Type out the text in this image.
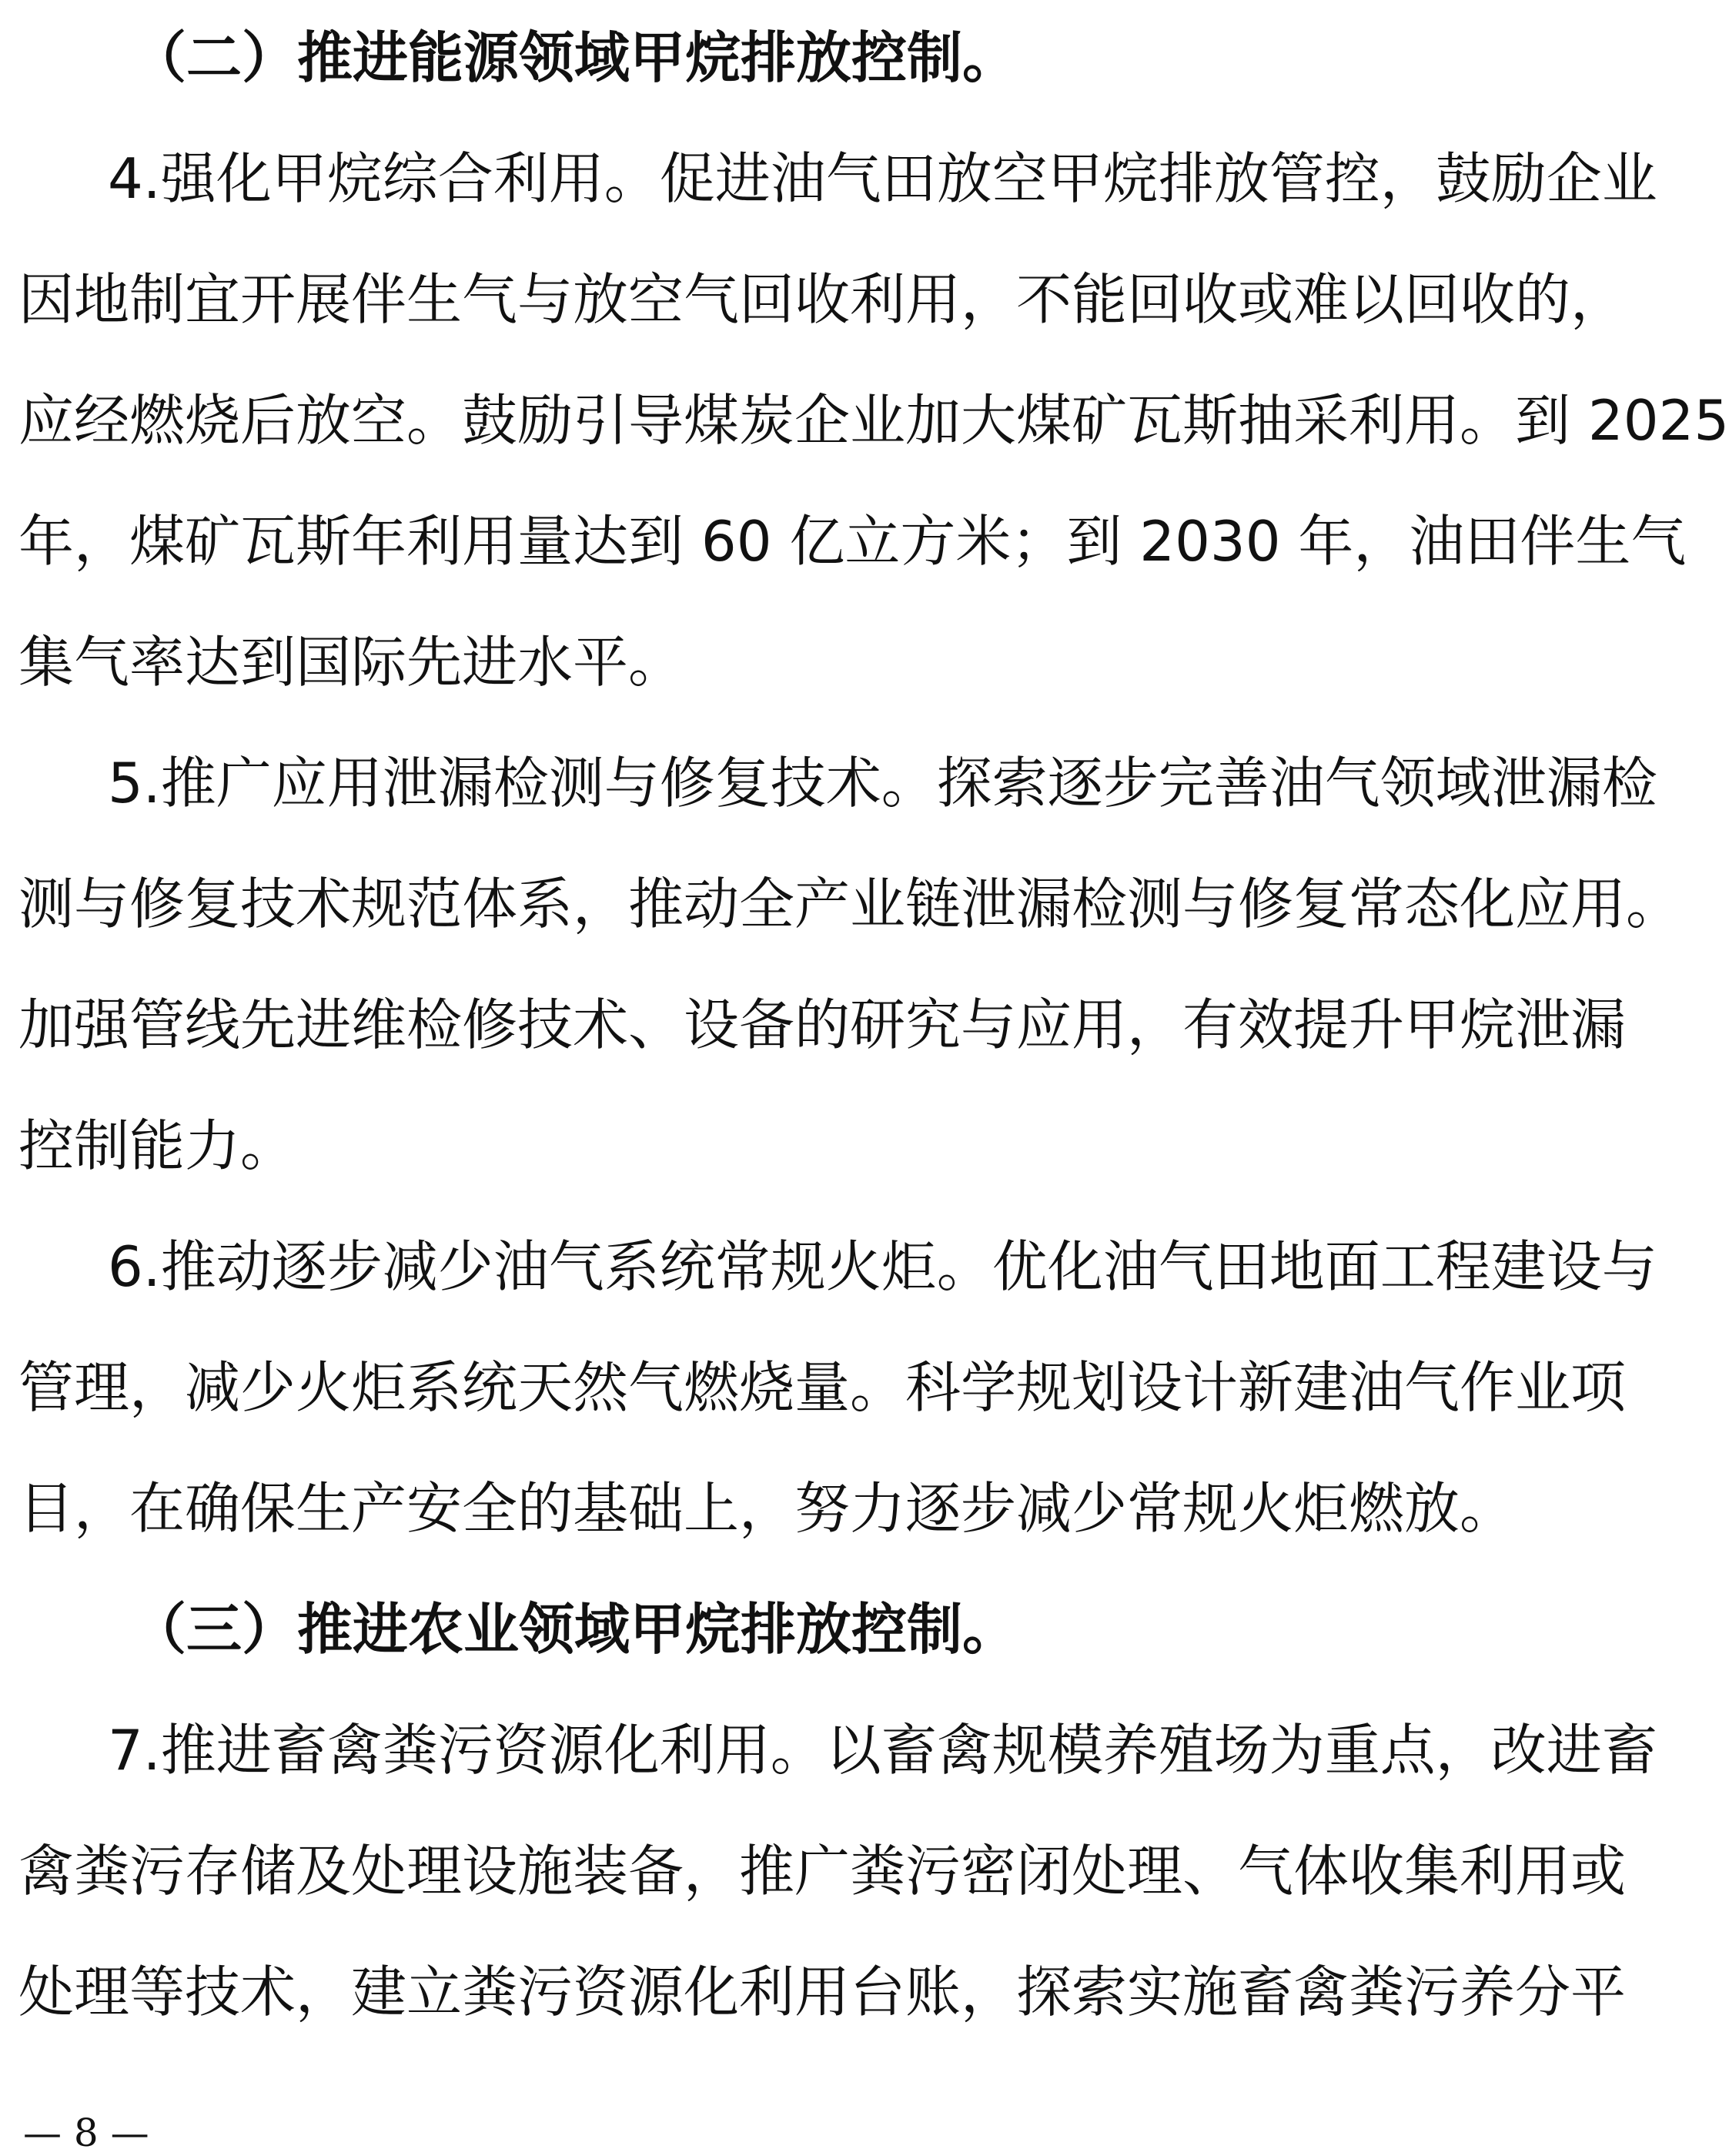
（二）推进能源领域甲烷排放控制。
4.强化甲烷综合利用。促进油气田放空甲烷排放管控，鼓励企业
因地制宜开展伴生气与放空气回收利用，不能回收或难以回收的，
应经燃烧后放空。鼓励引导煤炭企业加大煤矿瓦斯抽采利用。到 2025
年，煤矿瓦斯年利用量达到 60 亿立方米；到 2030 年，油田伴生气
集气率达到国际先进水平。
5.推广应用泄漏检测与修复技术。探索逐步完善油气领域泄漏检
测与修复技术规范体系，推动全产业链泄漏检测与修复常态化应用。
加强管线先进维检修技术、设备的研究与应用，有效提升甲烷泄漏
控制能力。
6.推动逐步减少油气系统常规火炬。优化油气田地面工程建设与
管理，减少火炬系统天然气燃烧量。科学规划设计新建油气作业项
目，在确保生产安全的基础上，努力逐步减少常规火炬燃放。
（三）推进农业领域甲烷排放控制。
7.推进畜禽粪污资源化利用。以畜禽规模养殖场为重点，改进畜
禽粪污存储及处理设施装备，推广粪污密闭处理、气体收集利用或
处理等技术，建立粪污资源化利用台账，探索实施畜禽粪污养分平
— 8 —
